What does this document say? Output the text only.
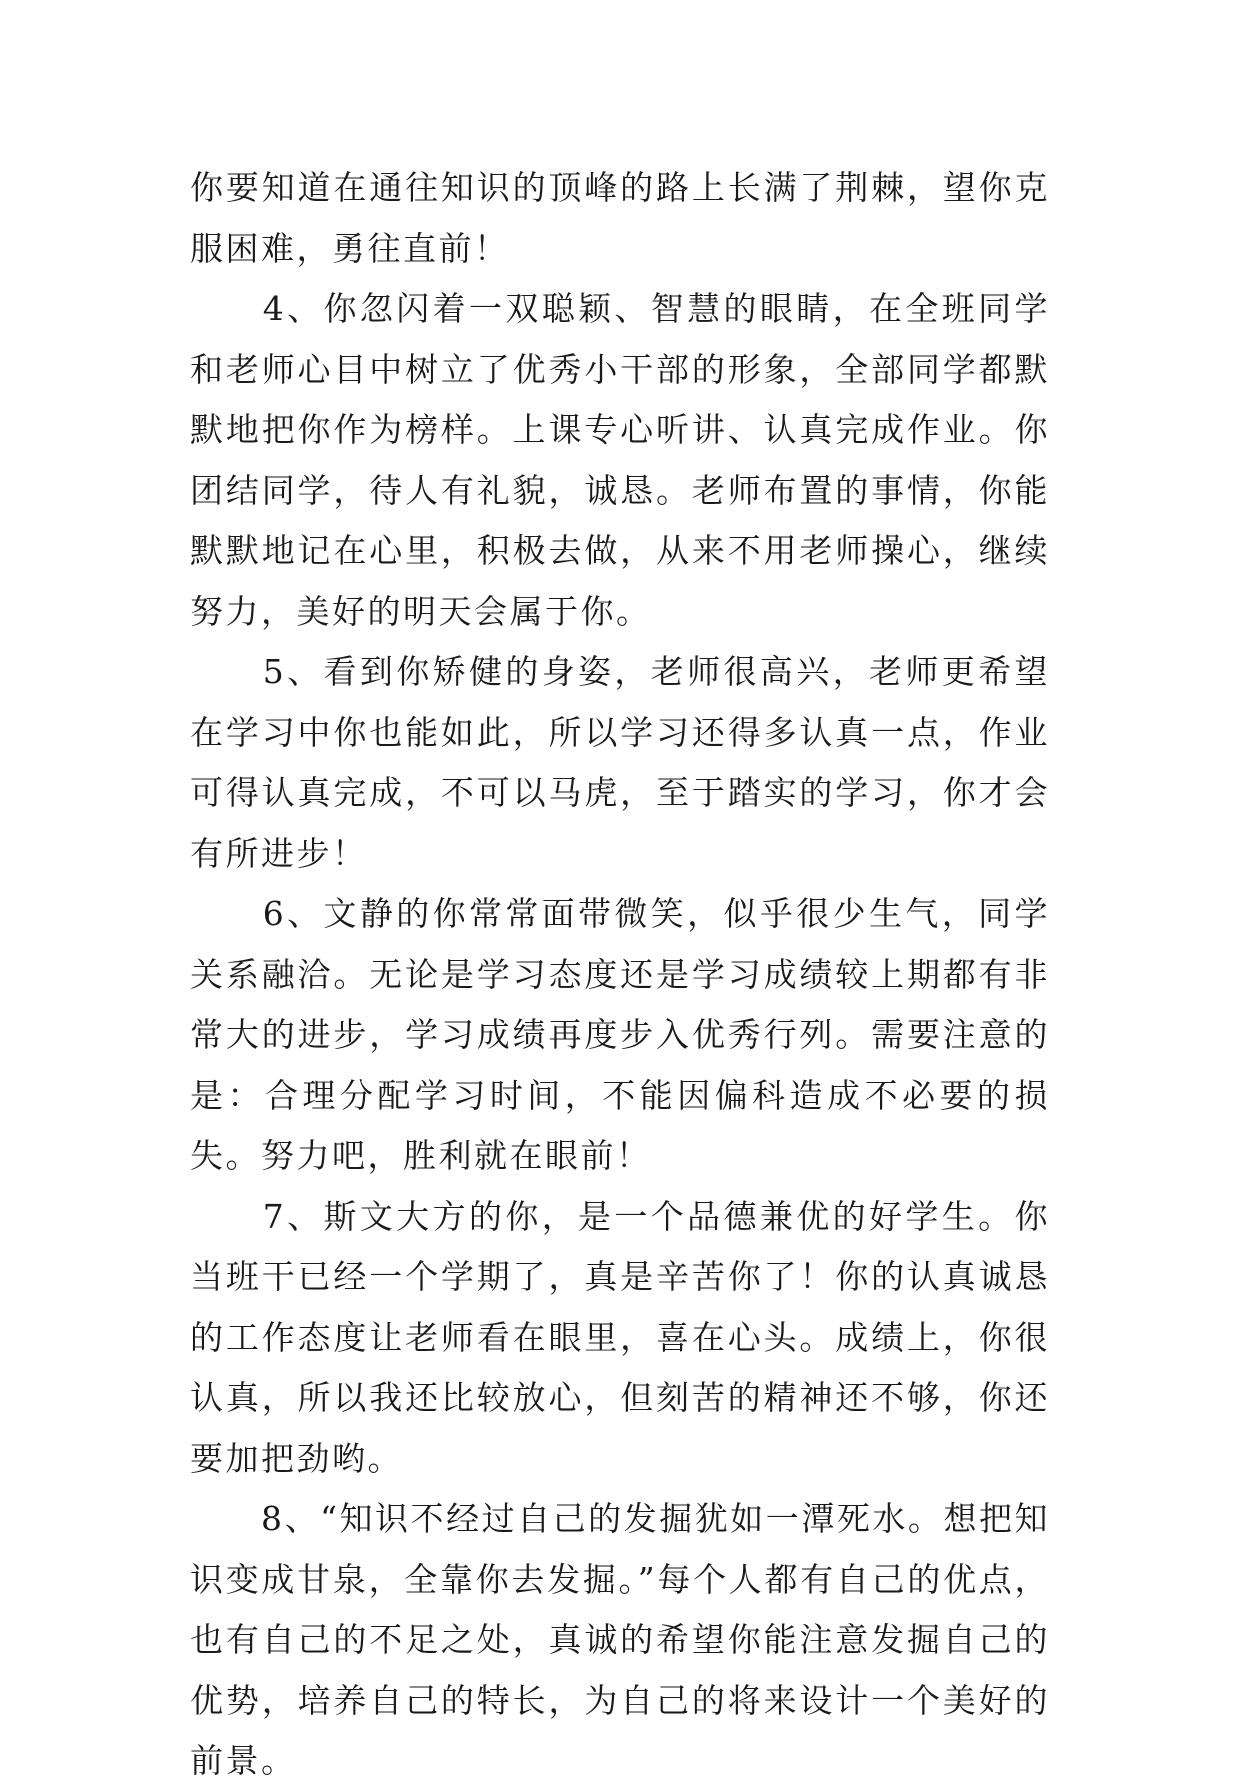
你要知道在通往知识的顶峰的路上长满了荆棘，望你克服困难，勇往直前！

　　4、你忽闪着一双聪颖、智慧的眼睛，在全班同学和老师心目中树立了优秀小干部的形象，全部同学都默默地把你作为榜样。上课专心听讲、认真完成作业。你团结同学，待人有礼貌，诚恳。老师布置的事情，你能默默地记在心里，积极去做，从来不用老师操心，继续努力，美好的明天会属于你。

　　5、看到你矫健的身姿，老师很高兴，老师更希望在学习中你也能如此，所以学习还得多认真一点，作业可得认真完成，不可以马虎，至于踏实的学习，你才会有所进步！

　　6、文静的你常常面带微笑，似乎很少生气，同学关系融洽。无论是学习态度还是学习成绩较上期都有非常大的进步，学习成绩再度步入优秀行列。需要注意的是：合理分配学习时间，不能因偏科造成不必要的损失。努力吧，胜利就在眼前！

　　7、斯文大方的你，是一个品德兼优的好学生。你当班干已经一个学期了，真是辛苦你了！你的认真诚恳的工作态度让老师看在眼里，喜在心头。成绩上，你很认真，所以我还比较放心，但刻苦的精神还不够，你还要加把劲哟。

　　8、“知识不经过自己的发掘犹如一潭死水。想把知识变成甘泉，全靠你去发掘。”每个人都有自己的优点，也有自己的不足之处，真诚的希望你能注意发掘自己的优势，培养自己的特长，为自己的将来设计一个美好的前景。
